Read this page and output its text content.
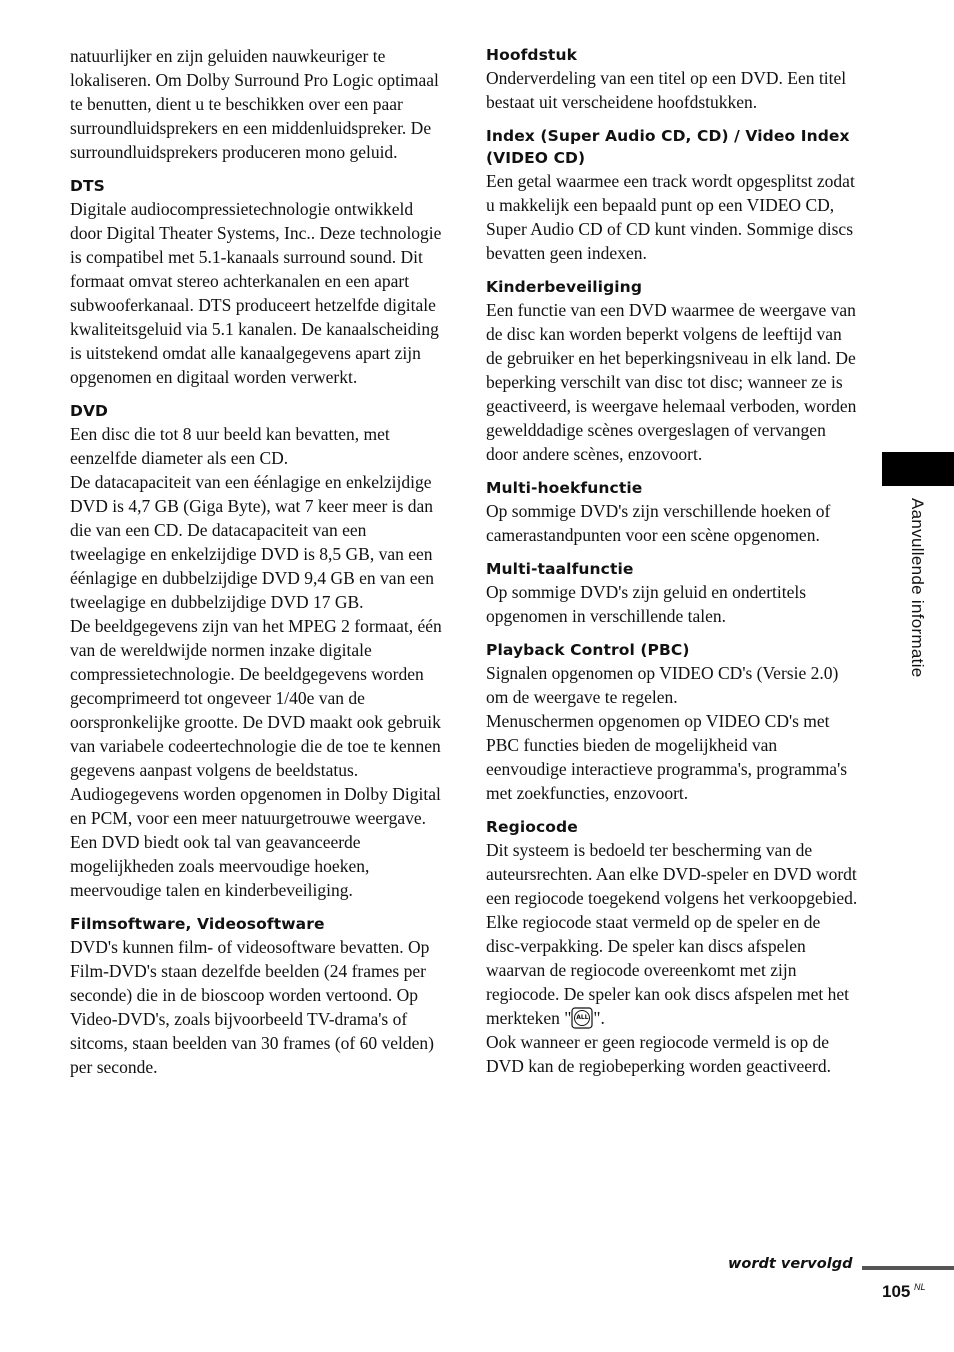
natuurlijker en zijn geluiden nauwkeuriger te lokaliseren. Om Dolby Surround Pro Logic optimaal te benutten, dient u te beschikken over een paar surroundluidsprekers en een middenluidspreker. De surroundluidsprekers produceren mono geluid.

DTS

Digitale audiocompressietechnologie ontwikkeld door Digital Theater Systems, Inc.. Deze technologie is compatibel met 5.1-kanaals surround sound. Dit formaat omvat stereo achterkanalen en een apart subwooferkanaal. DTS produceert hetzelfde digitale kwaliteitsgeluid via 5.1 kanalen. De kanaalscheiding is uitstekend omdat alle kanaalgegevens apart zijn opgenomen en digitaal worden verwerkt.

DVD

Een disc die tot 8 uur beeld kan bevatten, met eenzelfde diameter als een CD.

De datacapaciteit van een éénlagige en enkelzijdige DVD is 4,7 GB (Giga Byte), wat 7 keer meer is dan die van een CD. De datacapaciteit van een tweelagige en enkelzijdige DVD is 8,5 GB, van een éénlagige en dubbelzijdige DVD 9,4 GB en van een tweelagige en dubbelzijdige DVD 17 GB.

De beeldgegevens zijn van het MPEG 2 formaat, één van de wereldwijde normen inzake digitale compressietechnologie. De beeldgegevens worden gecomprimeerd tot ongeveer 1/40e van de oorspronkelijke grootte. De DVD maakt ook gebruik van variabele codeertechnologie die de toe te kennen gegevens aanpast volgens de beeldstatus.

Audiogegevens worden opgenomen in Dolby Digital en PCM, voor een meer natuurgetrouwe weergave.

Een DVD biedt ook tal van geavanceerde mogelijkheden zoals meervoudige hoeken, meervoudige talen en kinderbeveiliging.

Filmsoftware, Videosoftware

DVD's kunnen film- of videosoftware bevatten. Op Film-DVD's staan dezelfde beelden (24 frames per seconde) die in de bioscoop worden vertoond. Op Video-DVD's, zoals bijvoorbeeld TV-drama's of sitcoms, staan beelden van 30 frames (of 60 velden) per seconde.

Hoofdstuk

Onderverdeling van een titel op een DVD. Een titel bestaat uit verscheidene hoofdstukken.

Index (Super Audio CD, CD) / Video Index (VIDEO CD)

Een getal waarmee een track wordt opgesplitst zodat u makkelijk een bepaald punt op een VIDEO CD, Super Audio CD of CD kunt vinden. Sommige discs bevatten geen indexen.

Kinderbeveiliging

Een functie van een DVD waarmee de weergave van de disc kan worden beperkt volgens de leeftijd van de gebruiker en het beperkingsniveau in elk land. De beperking verschilt van disc tot disc; wanneer ze is geactiveerd, is weergave helemaal verboden, worden gewelddadige scènes overgeslagen of vervangen door andere scènes, enzovoort.

Multi-hoekfunctie

Op sommige DVD's zijn verschillende hoeken of camerastandpunten voor een scène opgenomen.

Multi-taalfunctie

Op sommige DVD's zijn geluid en ondertitels opgenomen in verschillende talen.

Playback Control (PBC)

Signalen opgenomen op VIDEO CD's (Versie 2.0) om de weergave te regelen.

Menuschermen opgenomen op VIDEO CD's met PBC functies bieden de mogelijkheid van eenvoudige interactieve programma's, programma's met zoekfuncties, enzovoort.

Regiocode

Dit systeem is bedoeld ter bescherming van de auteursrechten. Aan elke DVD-speler en DVD wordt een regiocode toegekend volgens het verkoopgebied. Elke regiocode staat vermeld op de speler en de disc-verpakking. De speler kan discs afspelen waarvan de regiocode overeenkomt met zijn regiocode. De speler kan ook discs afspelen met het merkteken " ALL ".

Ook wanneer er geen regiocode vermeld is op de DVD kan de regiobeperking worden geactiveerd.

Aanvullende informatie
wordt vervolgd
105 NL
